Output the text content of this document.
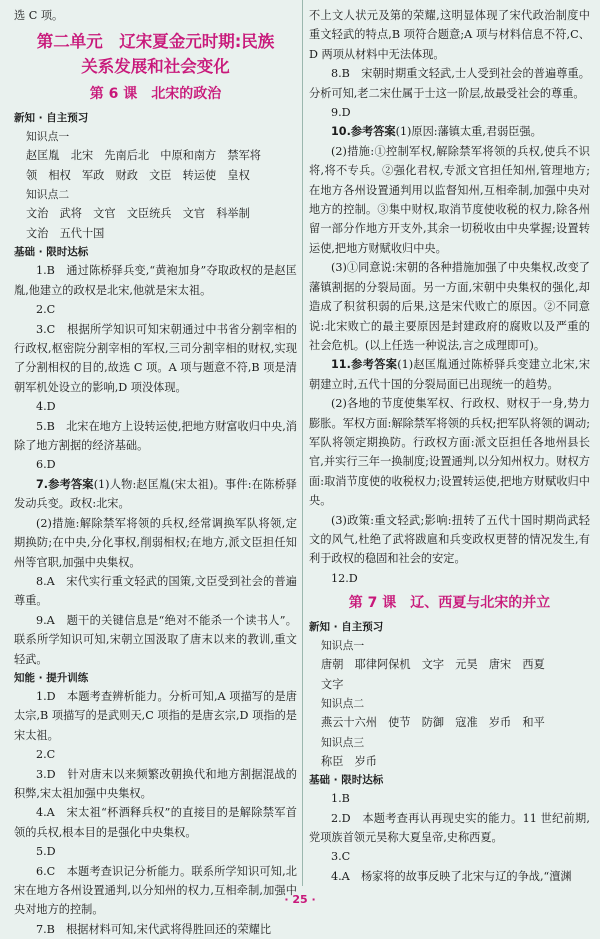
选 C 项。

第二单元　辽宋夏金元时期:民族
关系发展和社会变化
第 6 课　北宋的政治
新知 · 自主预习
知识点一
赵匡胤　北宋　先南后北　中原和南方　禁军将
领　相权　军政　财政　文臣　转运使　皇权
知识点二
文治　武将　文官　文臣统兵　文官　科举制
文治　五代十国
基础 · 限时达标

1.B　通过陈桥驿兵变,“黄袍加身”夺取政权的是赵匡胤,他建立的政权是北宋,他就是宋太祖。

2.C

3.C　根据所学知识可知宋朝通过中书省分割宰相的行政权,枢密院分割宰相的军权,三司分割宰相的财权,实现了分割相权的目的,故选 C 项。A 项与题意不符,B 项是清朝军机处设立的影响,D 项没体现。

4.D

5.B　北宋在地方上设转运使,把地方财富收归中央,消除了地方割据的经济基础。

6.D

7.参考答案(1)人物:赵匡胤(宋太祖)。事件:在陈桥驿发动兵变。政权:北宋。

(2)措施:解除禁军将领的兵权,经常调换军队将领,定期换防;在中央,分化事权,削弱相权;在地方,派文臣担任知州等官职,加强中央集权。

8.A　宋代实行重文轻武的国策,文臣受到社会的普遍尊重。

9.A　题干的关键信息是“绝对不能杀一个读书人”。联系所学知识可知,宋朝立国汲取了唐末以来的教训,重文轻武。

知能 · 提升训练

1.D　本题考查辨析能力。分析可知,A 项描写的是唐太宗,B 项描写的是武则天,C 项指的是唐玄宗,D 项指的是宋太祖。

2.C

3.D　针对唐末以来频繁改朝换代和地方割据混战的积弊,宋太祖加强中央集权。

4.A　宋太祖“杯酒释兵权”的直接目的是解除禁军首领的兵权,根本目的是强化中央集权。

5.D

6.C　本题考查识记分析能力。联系所学知识可知,北宋在地方各州设置通判,以分知州的权力,互相牵制,加强中央对地方的控制。

7.B　根据材料可知,宋代武将得胜回还的荣耀比

不上文人状元及第的荣耀,这明显体现了宋代政治制度中重文轻武的特点,B 项符合题意;A 项与材料信息不符,C、D 两项从材料中无法体现。

8.B　宋朝时期重文轻武,士人受到社会的普遍尊重。分析可知,老二宋仕属于士这一阶层,故最受社会的尊重。

9.D

10.参考答案(1)原因:藩镇太重,君弱臣强。

(2)措施:①控制军权,解除禁军将领的兵权,使兵不识将,将不专兵。②强化君权,专派文官担任知州,管理地方;在地方各州设置通判用以监督知州,互相牵制,加强中央对地方的控制。③集中财权,取消节度使收税的权力,除各州留一部分作地方开支外,其余一切税收由中央掌握;设置转运使,把地方财赋收归中央。

(3)①同意说:宋朝的各种措施加强了中央集权,改变了藩镇割据的分裂局面。另一方面,宋朝中央集权的强化,却造成了积贫积弱的后果,这是宋代败亡的原因。②不同意说:北宋败亡的最主要原因是封建政府的腐败以及严重的社会危机。(以上任选一种说法,言之成理即可)。

11.参考答案(1)赵匡胤通过陈桥驿兵变建立北宋,宋朝建立时,五代十国的分裂局面已出现统一的趋势。

(2)各地的节度使集军权、行政权、财权于一身,势力膨胀。军权方面:解除禁军将领的兵权;把军队将领的调动;军队将领定期换防。行政权方面:派文臣担任各地州县长官,并实行三年一换制度;设置通判,以分知州权力。财权方面:取消节度使的收税权力;设置转运使,把地方财赋收归中央。

(3)政策:重文轻武;影响:扭转了五代十国时期尚武轻文的风气,杜绝了武将跋扈和兵变政权更替的情况发生,有利于政权的稳固和社会的安定。

12.D

第 7 课　辽、西夏与北宋的并立
新知 · 自主预习
知识点一
唐朝　耶律阿保机　文字　元昊　唐宋　西夏
文字
知识点二
燕云十六州　使节　防御　寇准　岁币　和平
知识点三
称臣　岁币
基础 · 限时达标

1.B

2.D　本题考查再认再现史实的能力。11 世纪前期,党项族首领元昊称大夏皇帝,史称西夏。

3.C

4.A　杨家将的故事反映了北宋与辽的争战,“澶渊

· 25 ·
